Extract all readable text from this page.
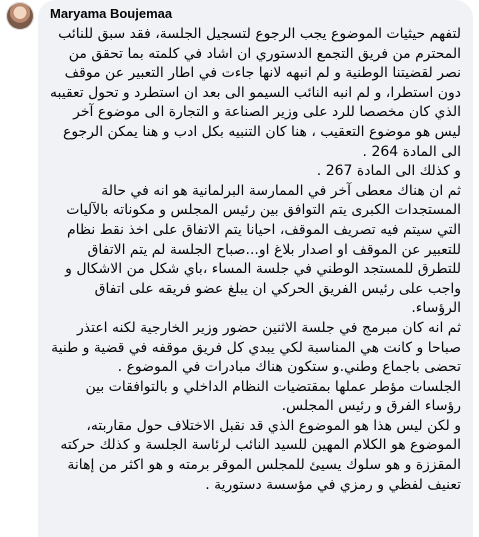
Maryama Boujemaa

لتفهم حيثيات الموضوع يجب الرجوع لتسجيل الجلسة، فقد سبق للنائب المحترم من فريق التجمع الدستوري ان اشاد في كلمته بما تحقق من نصر لقضيتنا الوطنية و لم انبهه لانها جاءت في اطار التعبير عن موقف دون استطرا، و لم انبه النائب السيمو الى بعد ان استطرد و تحول تعقيبه الذي كان مخصصا للرد على وزير الصناعة و التجارة الى موضوع آخر ليس هو موضوع التعقيب ، هنا كان التنبيه بكل ادب و هنا يمكن الرجوع الى المادة 264 .

و كذلك الى المادة 267 .

ثم ان هناك معطى آخر في الممارسة البرلمانية هو انه في حالة المستجدات الكبرى يتم التوافق بين رئيس المجلس و مكوناته بالآليات التي سيتم فيه تصريف الموقف، احيانا يتم الاتفاق على اخذ نقط نظام للتعبير عن الموقف او اصدار بلاغ او...صباح الجلسة لم يتم الاتفاق للتطرق للمستجد الوطني في جلسة المساء ،باي شكل من الاشكال و واجب على رئيس الفريق الحركي ان يبلغ عضو فريقه على اتفاق الرؤساء.

ثم انه كان مبرمج في جلسة الاثنين حضور وزير الخارجية لكنه اعتذر صباحا و كانت هي المناسبة لكي يبدي كل فريق موقفه في قضية و طنية تحضى باجماع وطني.و ستكون هناك مبادرات في الموضوع .

الجلسات مؤطر عملها بمقتضيات النظام الداخلي و بالتوافقات بين رؤساء الفرق و رئيس المجلس.

و لكن ليس هذا هو الموضوع الذي قد نقبل الاختلاف حول مقاربته، الموضوع هو الكلام المهين للسيد النائب لرئاسة الجلسة و كذلك حركته المقززة و هو سلوك يسيئ للمجلس الموقر برمته و هو اكثر من إهانة تعنيف لفظي و رمزي في مؤسسة دستورية .
